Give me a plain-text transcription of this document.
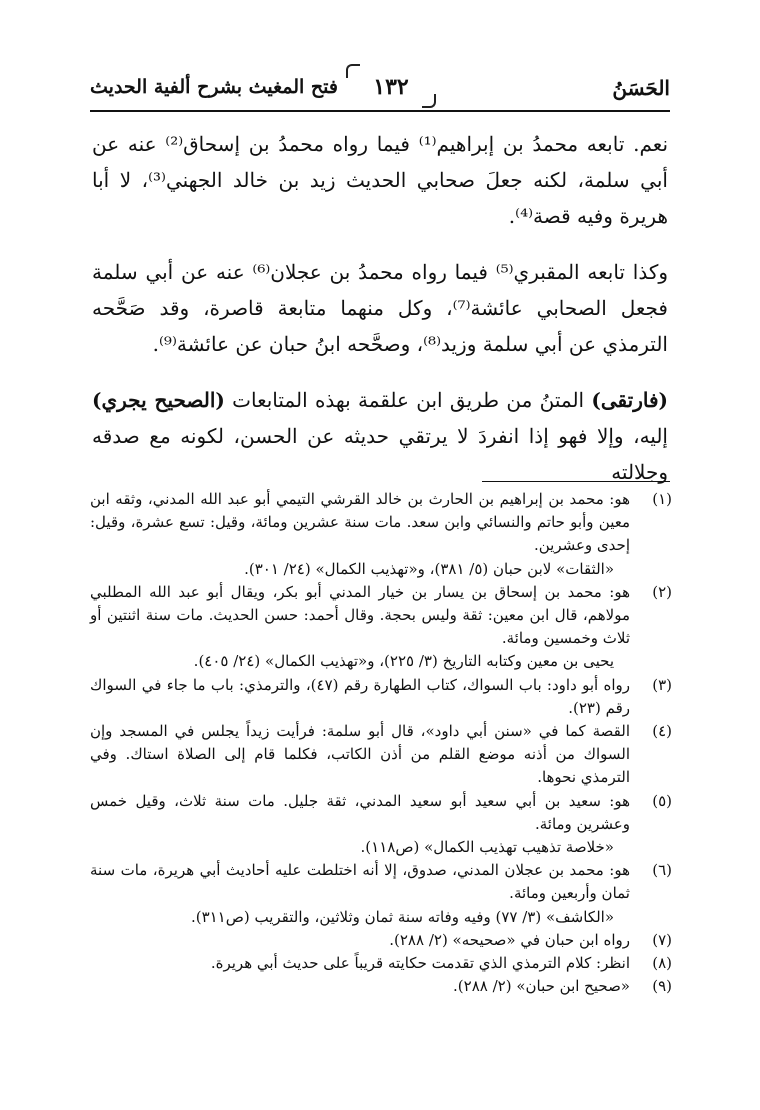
الحَسَنُ
١٣٢
فتح المغيث بشرح ألفية الحديث

نعم. تابعه محمدُ بن إبراهيم⁽¹⁾ فيما رواه محمدُ بن إسحاق⁽²⁾ عنه عن أبي سلمة، لكنه جعلَ صحابي الحديث زيد بن خالد الجهني⁽³⁾، لا أبا هريرة وفيه قصة⁽⁴⁾.

وكذا تابعه المقبري⁽⁵⁾ فيما رواه محمدُ بن عجلان⁽⁶⁾ عنه عن أبي سلمة فجعل الصحابي عائشة⁽⁷⁾، وكل منهما متابعة قاصرة، وقد صَحَّحه الترمذي عن أبي سلمة وزيد⁽⁸⁾، وصحَّحه ابنُ حبان عن عائشة⁽⁹⁾.

(فارتقى) المتنُ من طريق ابن علقمة بهذه المتابعات (الصحيح يجري) إليه، وإلا فهو إذا انفردَ لا يرتقي حديثه عن الحسن، لكونه مع صدقه وجلالته

(١)
هو: محمد بن إبراهيم بن الحارث بن خالد القرشي التيمي أبو عبد الله المدني، وثقه ابن معين وأبو حاتم والنسائي وابن سعد. مات سنة عشرين ومائة، وقيل: تسع عشرة، وقيل: إحدى وعشرين.
«الثقات» لابن حبان (٥/ ٣٨١)، و«تهذيب الكمال» (٢٤/ ٣٠١).
(٢)
هو: محمد بن إسحاق بن يسار بن خيار المدني أبو بكر، ويقال أبو عبد الله المطلبي مولاهم، قال ابن معين: ثقة وليس بحجة. وقال أحمد: حسن الحديث. مات سنة اثنتين أو ثلاث وخمسين ومائة.
يحيى بن معين وكتابه التاريخ (٣/ ٢٢٥)، و«تهذيب الكمال» (٢٤/ ٤٠٥).
(٣)
رواه أبو داود: باب السواك، كتاب الطهارة رقم (٤٧)، والترمذي: باب ما جاء في السواك رقم (٢٣).
(٤)
القصة كما في «سنن أبي داود»، قال أبو سلمة: فرأيت زيداً يجلس في المسجد وإن السواك من أذنه موضع القلم من أذن الكاتب، فكلما قام إلى الصلاة استاك. وفي الترمذي نحوها.
(٥)
هو: سعيد بن أبي سعيد أبو سعيد المدني، ثقة جليل. مات سنة ثلاث، وقيل خمس وعشرين ومائة.
«خلاصة تذهيب تهذيب الكمال» (ص١١٨).
(٦)
هو: محمد بن عجلان المدني، صدوق، إلا أنه اختلطت عليه أحاديث أبي هريرة، مات سنة ثمان وأربعين ومائة.
«الكاشف» (٣/ ٧٧) وفيه وفاته سنة ثمان وثلاثين، والتقريب (ص٣١١).
(٧)
رواه ابن حبان في «صحيحه» (٢/ ٢٨٨).
(٨)
انظر: كلام الترمذي الذي تقدمت حكايته قريباً على حديث أبي هريرة.
(٩)
«صحيح ابن حبان» (٢/ ٢٨٨).
